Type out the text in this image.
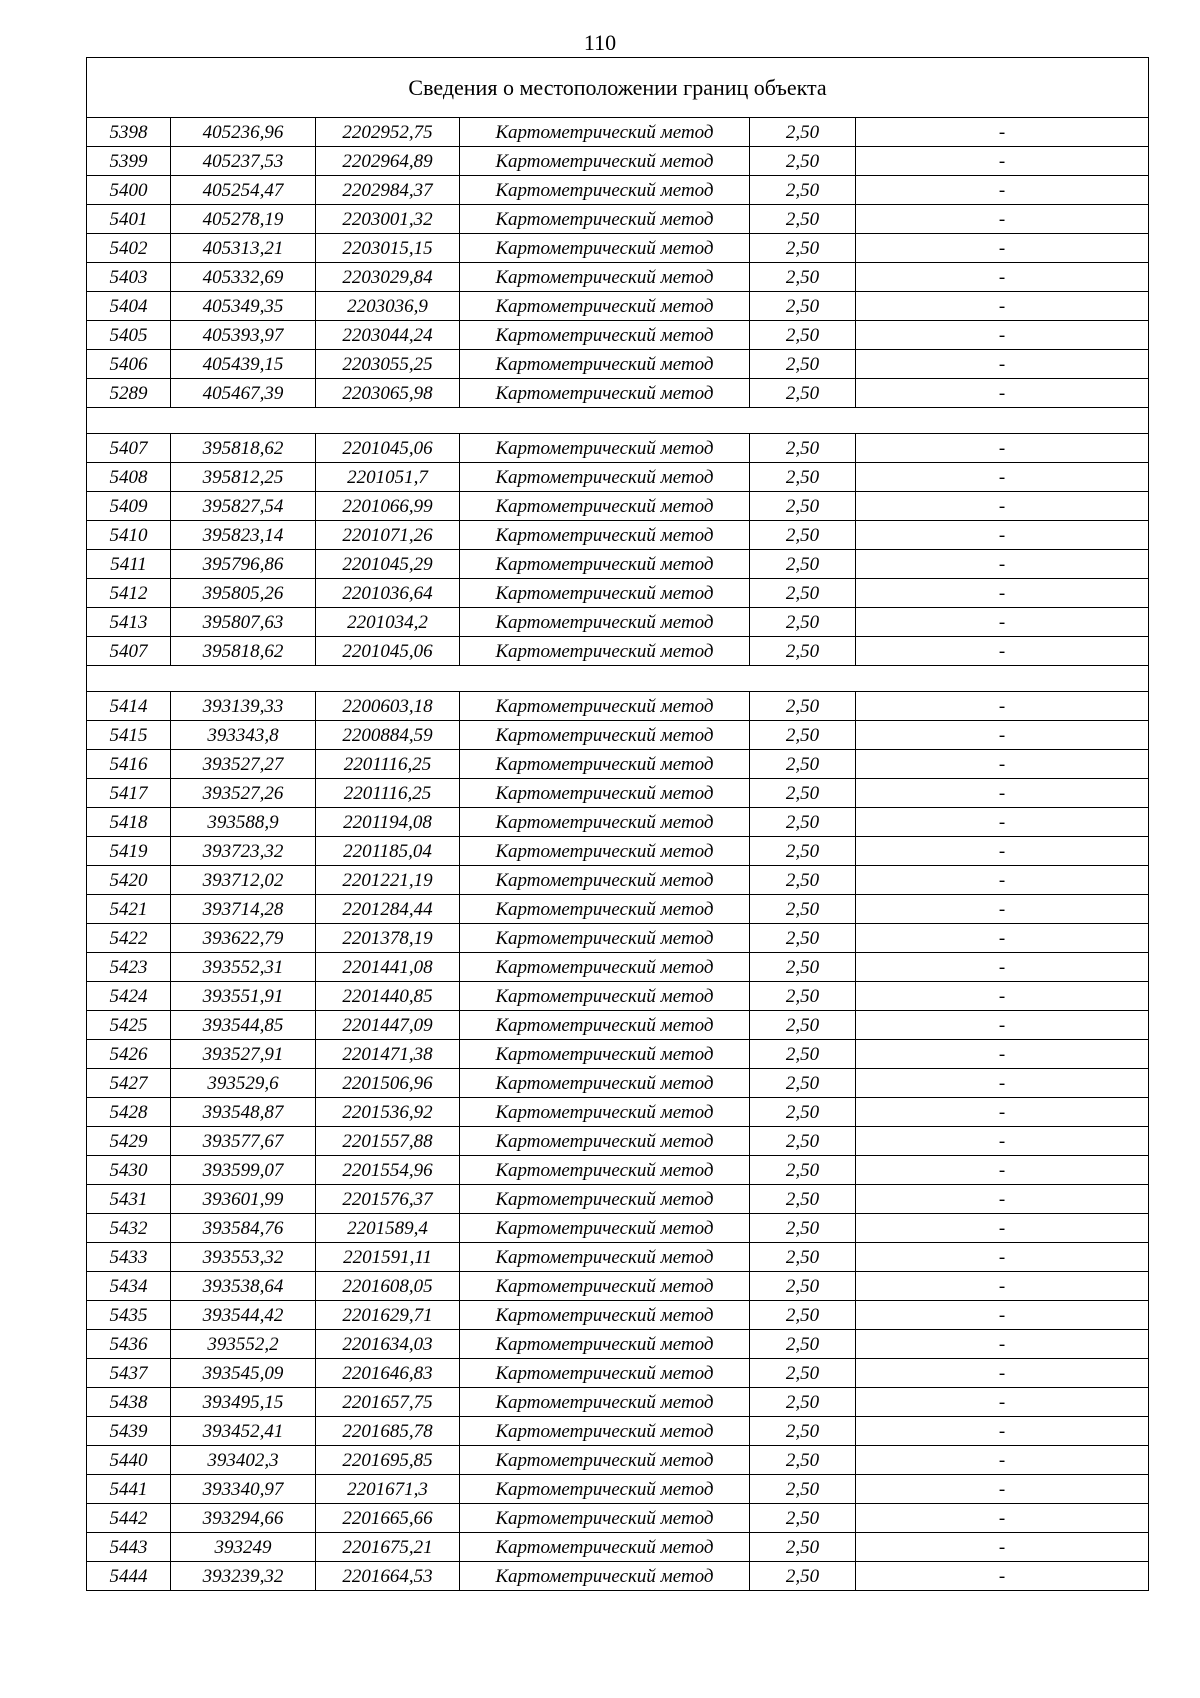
110
Сведения о местоположении границ объекта					
5398	405236,96	2202952,75	Картометрический метод	2,50	-
5399	405237,53	2202964,89	Картометрический метод	2,50	-
5400	405254,47	2202984,37	Картометрический метод	2,50	-
5401	405278,19	2203001,32	Картометрический метод	2,50	-
5402	405313,21	2203015,15	Картометрический метод	2,50	-
5403	405332,69	2203029,84	Картометрический метод	2,50	-
5404	405349,35	2203036,9	Картометрический метод	2,50	-
5405	405393,97	2203044,24	Картометрический метод	2,50	-
5406	405439,15	2203055,25	Картометрический метод	2,50	-
5289	405467,39	2203065,98	Картометрический метод	2,50	-

5407	395818,62	2201045,06	Картометрический метод	2,50	-
5408	395812,25	2201051,7	Картометрический метод	2,50	-
5409	395827,54	2201066,99	Картометрический метод	2,50	-
5410	395823,14	2201071,26	Картометрический метод	2,50	-
5411	395796,86	2201045,29	Картометрический метод	2,50	-
5412	395805,26	2201036,64	Картометрический метод	2,50	-
5413	395807,63	2201034,2	Картометрический метод	2,50	-
5407	395818,62	2201045,06	Картометрический метод	2,50	-

5414	393139,33	2200603,18	Картометрический метод	2,50	-
5415	393343,8	2200884,59	Картометрический метод	2,50	-
5416	393527,27	2201116,25	Картометрический метод	2,50	-
5417	393527,26	2201116,25	Картометрический метод	2,50	-
5418	393588,9	2201194,08	Картометрический метод	2,50	-
5419	393723,32	2201185,04	Картометрический метод	2,50	-
5420	393712,02	2201221,19	Картометрический метод	2,50	-
5421	393714,28	2201284,44	Картометрический метод	2,50	-
5422	393622,79	2201378,19	Картометрический метод	2,50	-
5423	393552,31	2201441,08	Картометрический метод	2,50	-
5424	393551,91	2201440,85	Картометрический метод	2,50	-
5425	393544,85	2201447,09	Картометрический метод	2,50	-
5426	393527,91	2201471,38	Картометрический метод	2,50	-
5427	393529,6	2201506,96	Картометрический метод	2,50	-
5428	393548,87	2201536,92	Картометрический метод	2,50	-
5429	393577,67	2201557,88	Картометрический метод	2,50	-
5430	393599,07	2201554,96	Картометрический метод	2,50	-
5431	393601,99	2201576,37	Картометрический метод	2,50	-
5432	393584,76	2201589,4	Картометрический метод	2,50	-
5433	393553,32	2201591,11	Картометрический метод	2,50	-
5434	393538,64	2201608,05	Картометрический метод	2,50	-
5435	393544,42	2201629,71	Картометрический метод	2,50	-
5436	393552,2	2201634,03	Картометрический метод	2,50	-
5437	393545,09	2201646,83	Картометрический метод	2,50	-
5438	393495,15	2201657,75	Картометрический метод	2,50	-
5439	393452,41	2201685,78	Картометрический метод	2,50	-
5440	393402,3	2201695,85	Картометрический метод	2,50	-
5441	393340,97	2201671,3	Картометрический метод	2,50	-
5442	393294,66	2201665,66	Картометрический метод	2,50	-
5443	393249	2201675,21	Картометрический метод	2,50	-
5444	393239,32	2201664,53	Картометрический метод	2,50	-
